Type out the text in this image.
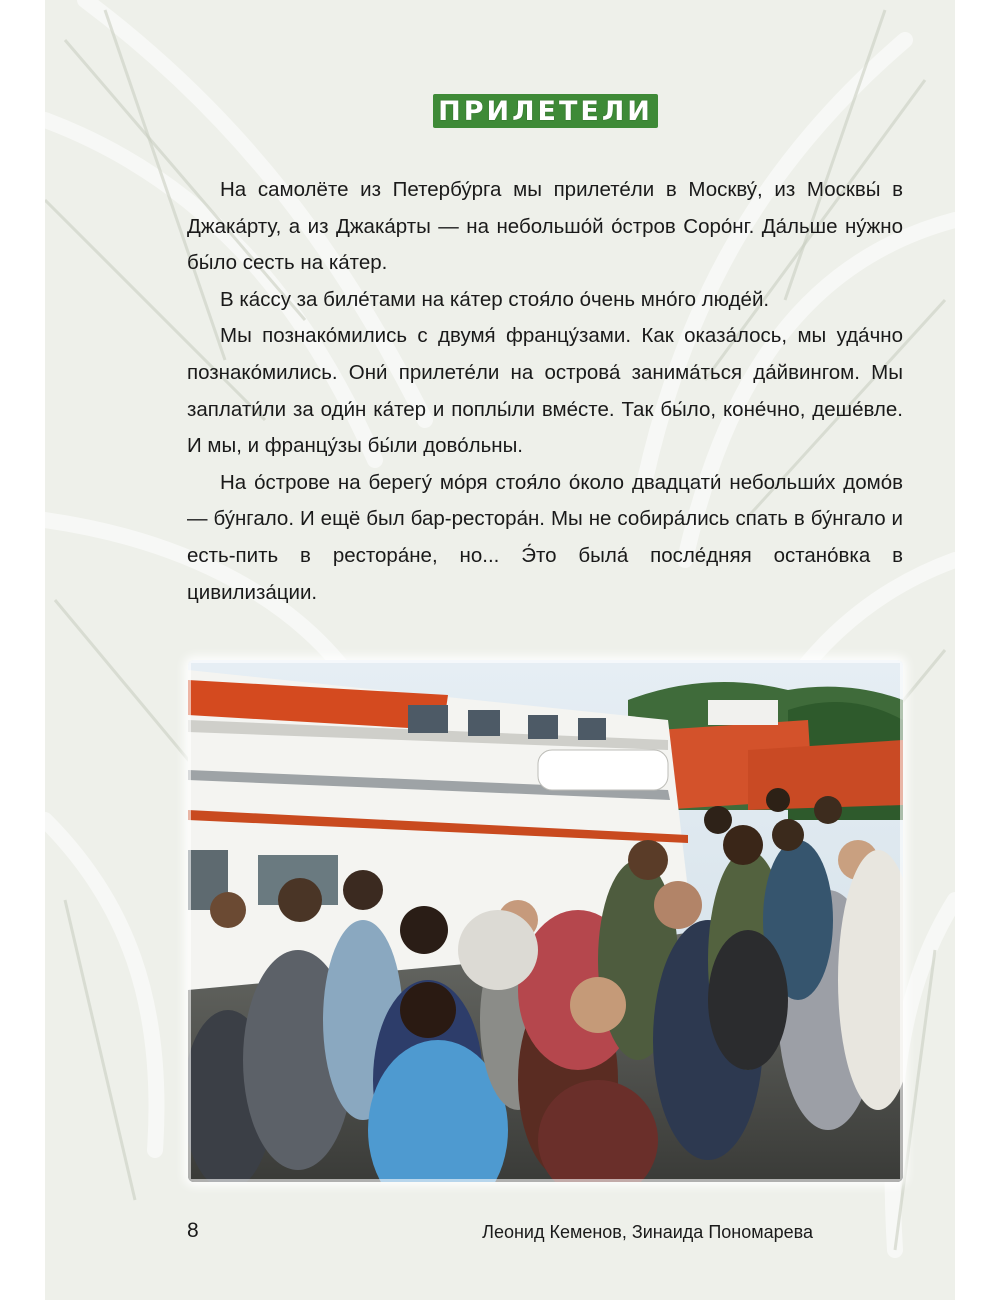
ПРИЛЕТЕЛИ

На самолёте из Петербу́рга мы прилете́ли в Москву́, из Москвы́ в Джака́рту, а из Джака́рты — на небольшо́й о́стров Соро́нг. Да́льше ну́жно бы́ло сесть на ка́тер.

В ка́ссу за биле́тами на ка́тер стоя́ло о́чень мно́го люде́й.

Мы познако́мились с двумя́ францу́зами. Как оказа́лось, мы уда́чно познако́мились. Они́ прилете́ли на острова́ занима́ться да́йвингом. Мы заплати́ли за оди́н ка́тер и поплы́ли вме́сте. Так бы́ло, коне́чно, деше́вле. И мы, и францу́зы бы́ли дово́льны.

На о́строве на берегу́ мо́ря стоя́ло о́коло двадцати́ небольши́х домо́в — бу́нгало. И ещё был бар-рестора́н. Мы не собира́лись спать в бу́нгало и есть-пить в рестора́не, но... Э́то была́ после́дняя остано́вка в цивилиза́ции.

8	Леонид Кеменов, Зинаида Пономарева
